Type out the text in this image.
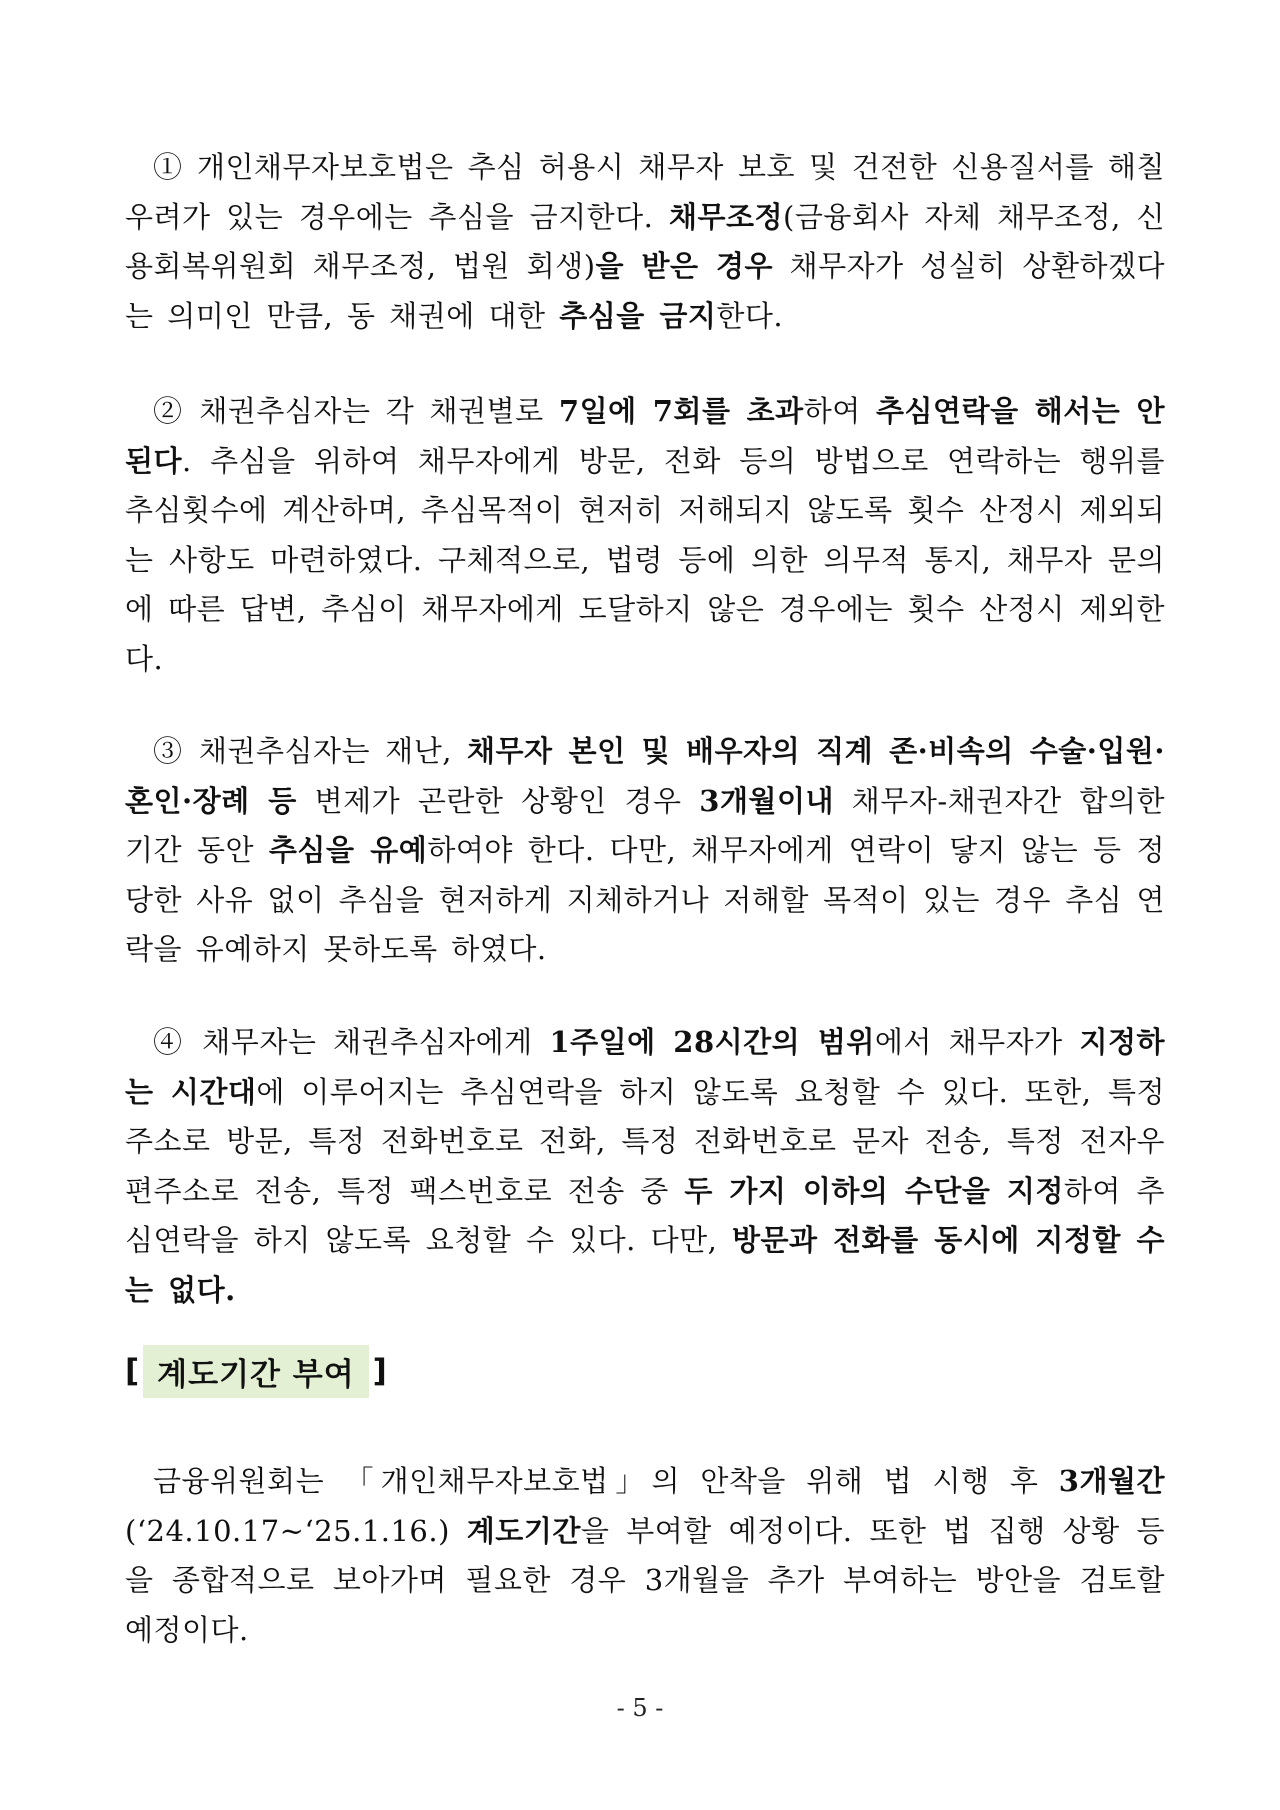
① 개인채무자보호법은 추심 허용시 채무자 보호 및 건전한 신용질서를 해칠 우려가 있는 경우에는 추심을 금지한다. 채무조정(금융회사 자체 채무조정, 신용회복위원회 채무조정, 법원 회생)을 받은 경우 채무자가 성실히 상환하겠다는 의미인 만큼, 동 채권에 대한 추심을 금지한다.

② 채권추심자는 각 채권별로 7일에 7회를 초과하여 추심연락을 해서는 안된다. 추심을 위하여 채무자에게 방문, 전화 등의 방법으로 연락하는 행위를 추심횟수에 계산하며, 추심목적이 현저히 저해되지 않도록 횟수 산정시 제외되는 사항도 마련하였다. 구체적으로, 법령 등에 의한 의무적 통지, 채무자 문의에 따른 답변, 추심이 채무자에게 도달하지 않은 경우에는 횟수 산정시 제외한다.

③ 채권추심자는 재난, 채무자 본인 및 배우자의 직계 존·비속의 수술·입원·혼인·장례 등 변제가 곤란한 상황인 경우 3개월이내 채무자-채권자간 합의한 기간 동안 추심을 유예하여야 한다. 다만, 채무자에게 연락이 닿지 않는 등 정당한 사유 없이 추심을 현저하게 지체하거나 저해할 목적이 있는 경우 추심 연락을 유예하지 못하도록 하였다.

④ 채무자는 채권추심자에게 1주일에 28시간의 범위에서 채무자가 지정하는 시간대에 이루어지는 추심연락을 하지 않도록 요청할 수 있다. 또한, 특정 주소로 방문, 특정 전화번호로 전화, 특정 전화번호로 문자 전송, 특정 전자우편주소로 전송, 특정 팩스번호로 전송 중 두 가지 이하의 수단을 지정하여 추심연락을 하지 않도록 요청할 수 있다. 다만, 방문과 전화를 동시에 지정할 수는 없다.

[ 계도기간 부여 ]

금융위원회는 「개인채무자보호법」의 안착을 위해 법 시행 후 3개월간 (‘24.10.17~‘25.1.16.) 계도기간을 부여할 예정이다. 또한 법 집행 상황 등을 종합적으로 보아가며 필요한 경우 3개월을 추가 부여하는 방안을 검토할 예정이다.

- 5 -
